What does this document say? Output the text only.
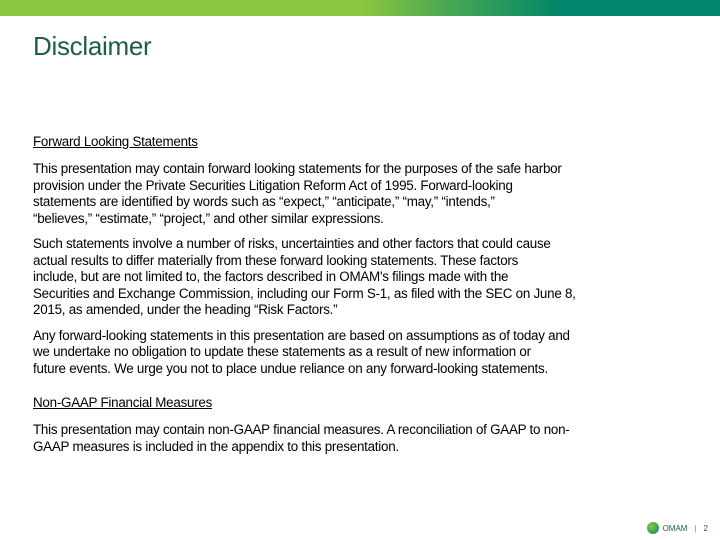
Disclaimer
Forward Looking Statements
This presentation may contain forward looking statements for the purposes of the safe harbor
provision under the Private Securities Litigation Reform Act of 1995. Forward-looking
statements are identified by words such as “expect,” “anticipate,” “may,” “intends,”
“believes,” “estimate,” “project,” and other similar expressions.
Such statements involve a number of risks, uncertainties and other factors that could cause
actual results to differ materially from these forward looking statements. These factors
include, but are not limited to, the factors described in OMAM's filings made with the
Securities and Exchange Commission, including our Form S-1, as filed with the SEC on June 8,
2015, as amended, under the heading “Risk Factors.”
Any forward-looking statements in this presentation are based on assumptions as of today and
we undertake no obligation to update these statements as a result of new information or
future events. We urge you not to place undue reliance on any forward-looking statements.
Non-GAAP Financial Measures
This presentation may contain non-GAAP financial measures. A reconciliation of GAAP to non-
GAAP measures is included in the appendix to this presentation.
OMAM | 2
